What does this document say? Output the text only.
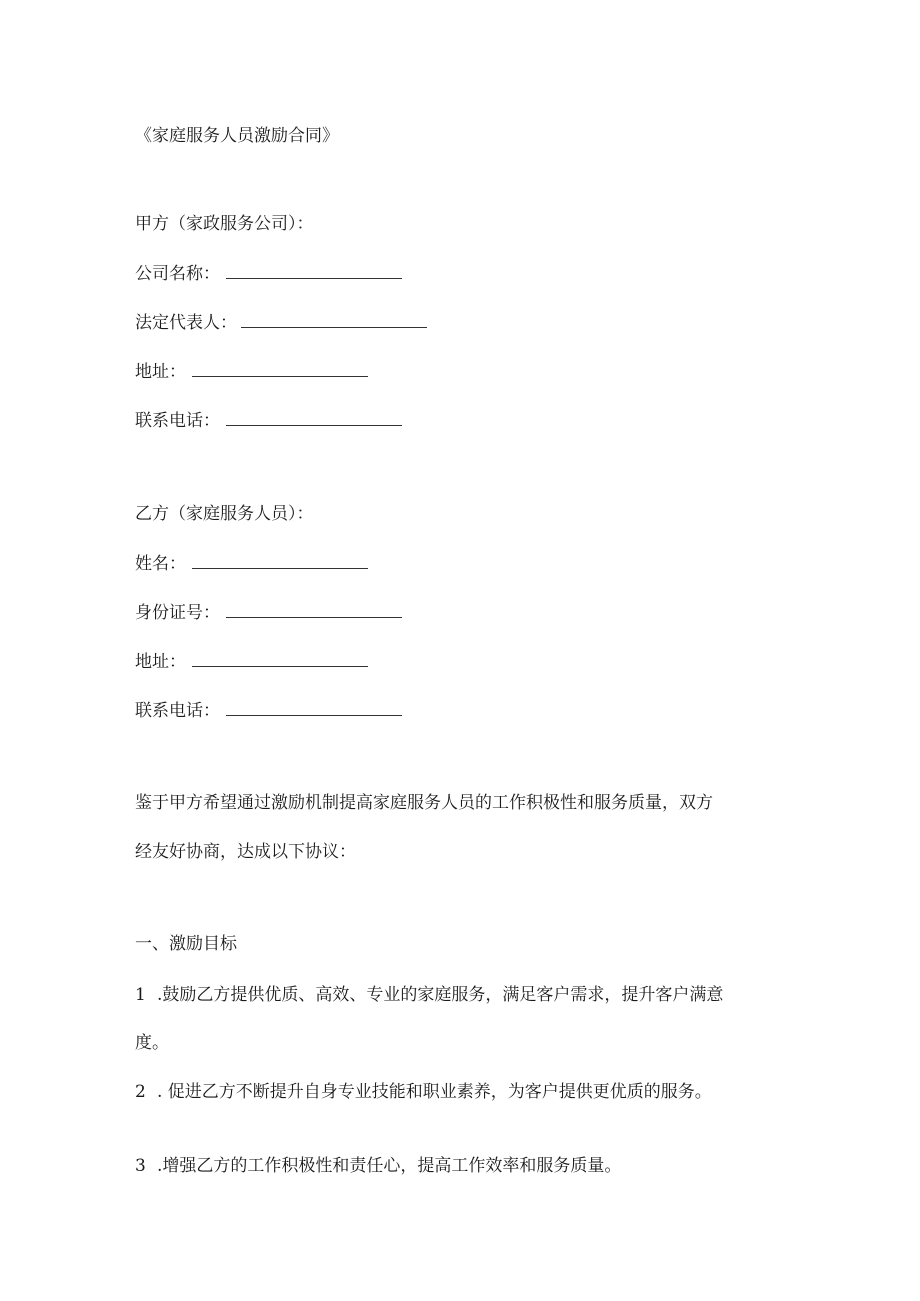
《家庭服务人员激励合同》
甲方（家政服务公司）：
公司名称：
法定代表人：
地址：
联系电话：
乙方（家庭服务人员）：
姓名：
身份证号：
地址：
联系电话：
鉴于甲方希望通过激励机制提高家庭服务人员的工作积极性和服务质量，双方
经友好协商，达成以下协议：
一、激励目标
1 .鼓励乙方提供优质、高效、专业的家庭服务，满足客户需求，提升客户满意
度。
2 . 促进乙方不断提升自身专业技能和职业素养，为客户提供更优质的服务。
3 .增强乙方的工作积极性和责任心，提高工作效率和服务质量。
